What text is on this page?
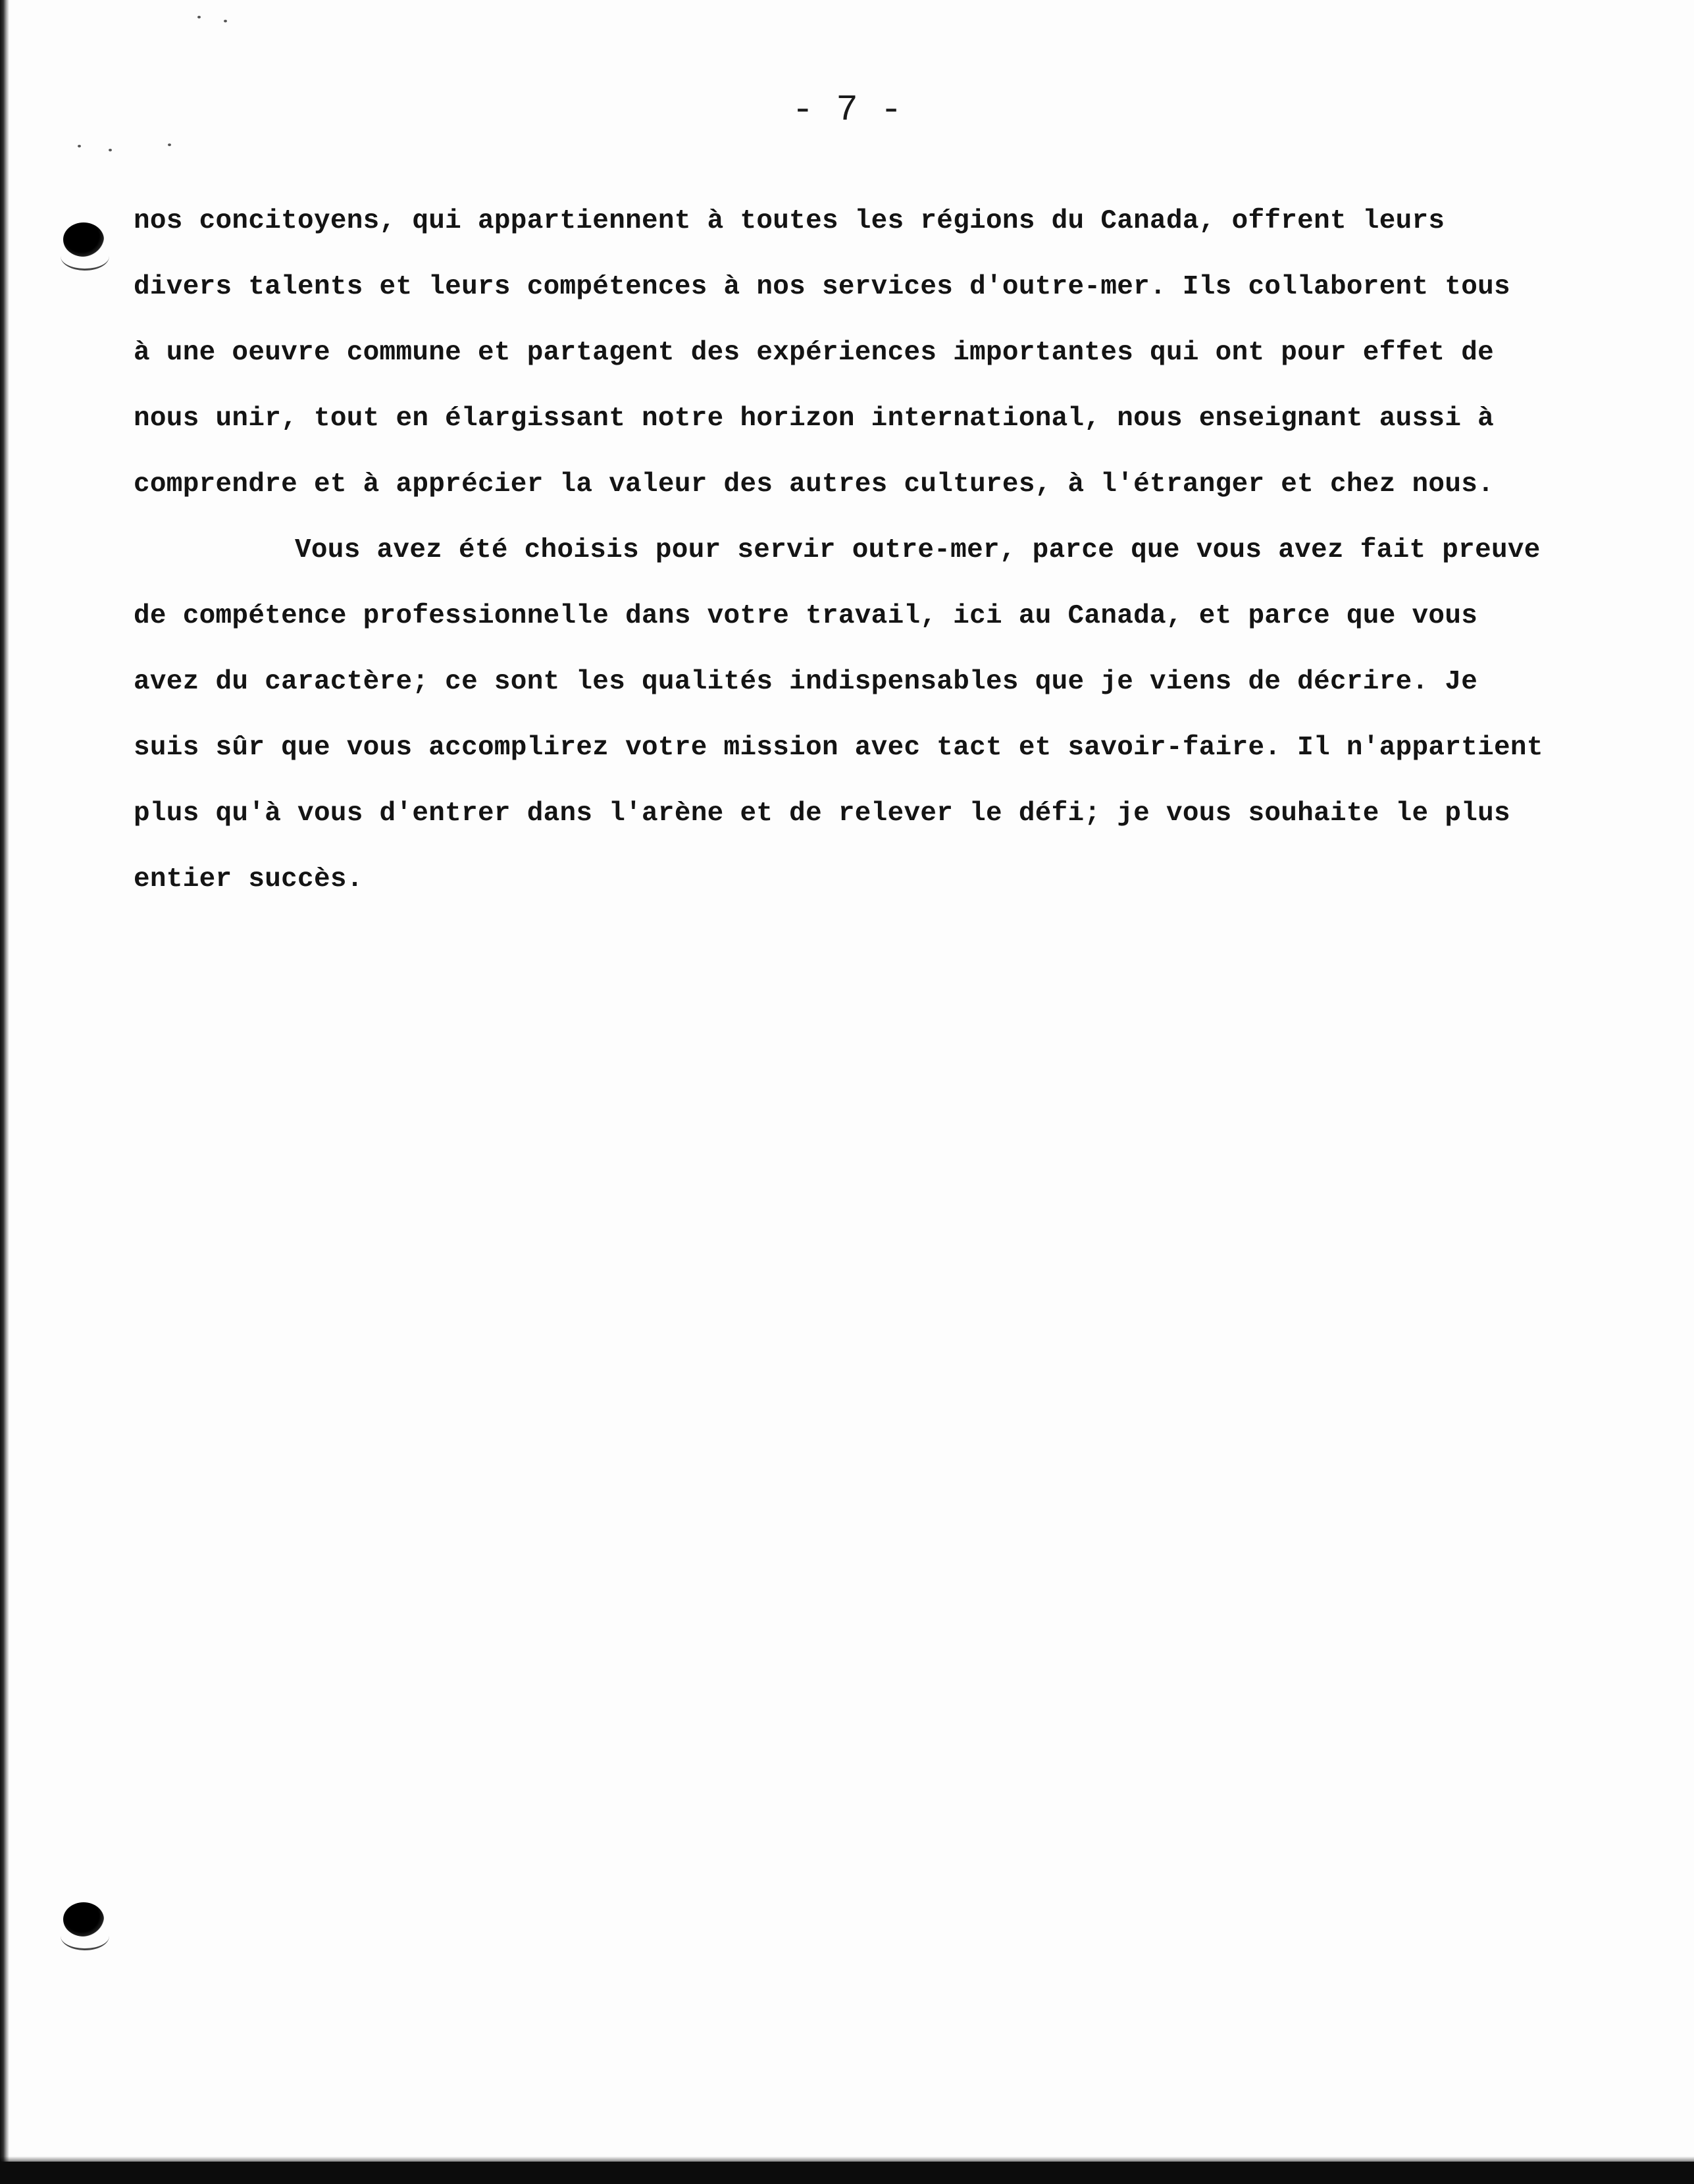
- 7 -
nos concitoyens, qui appartiennent à toutes les régions du Canada, offrent leurs
divers talents et leurs compétences à nos services d'outre-mer. Ils collaborent tous
à une oeuvre commune et partagent des expériences importantes qui ont pour effet de
nous unir, tout en élargissant notre horizon international, nous enseignant aussi à
comprendre et à apprécier la valeur des autres cultures, à l'étranger et chez nous.
Vous avez été choisis pour servir outre-mer, parce que vous avez fait preuve
de compétence professionnelle dans votre travail, ici au Canada, et parce que vous
avez du caractère; ce sont les qualités indispensables que je viens de décrire. Je
suis sûr que vous accomplirez votre mission avec tact et savoir-faire. Il n'appartient
plus qu'à vous d'entrer dans l'arène et de relever le défi; je vous souhaite le plus
entier succès.
